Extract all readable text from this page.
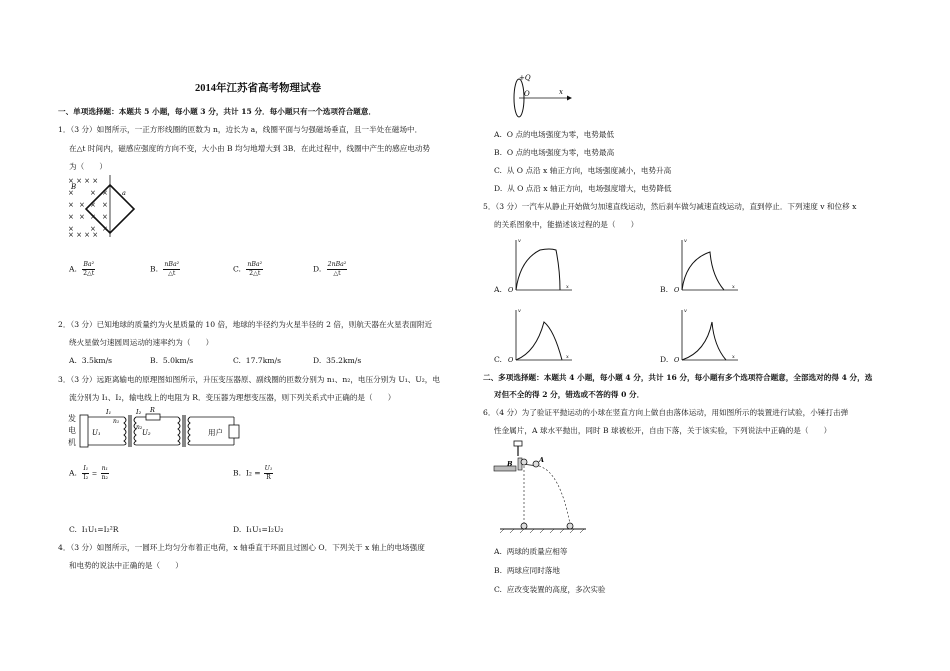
2014年江苏省高考物理试卷
一、单项选择题：本题共 5 小题，每小题 3 分，共计 15 分．每小题只有一个选项符合题意．
1．（3 分）如图所示，一正方形线圈的匝数为 n，边长为 a，线圈平面与匀强磁场垂直，且一半处在磁场中．
在△t 时间内，磁感应强度的方向不变，大小由 B 均匀地增大到 3B．在此过程中，线圈中产生的感应电动势
为（　　）
× × × ×
× × ×
× × × ×
× × × ×
× × ×
× × × ×
B
a
A. $\frac{\text{Ba²}}{2\triangle t}$	B. $\frac{\text{nBa²}}{\triangle t}$	C. $\frac{\text{nBa²}}{2\triangle t}$	D. $\frac{\text{2nBa²}}{\triangle t}$
2．（3 分）已知地球的质量约为火星质量的 10 倍，地球的半径约为火星半径的 2 倍，则航天器在火星表面附近
绕火星做匀速圆周运动的速率约为（　　）
A. 3.5km/s	B. 5.0km/s	C. 17.7km/s	D. 35.2km/s
3．（3 分）远距离输电的原理图如图所示，升压变压器原、副线圈的匝数分别为 n₁、n₂，电压分别为 U₁、U₂，电
流分别为 I₁、I₂，输电线上的电阻为 R．变压器为理想变压器，则下列关系式中正确的是（　　）
发
电
机
U₁
n₁
n₂
I₁	R
I₂
U₂	用户
A. $\frac{\text{I₁}}{\text{I₂}} = \frac{\text{n₁}}{\text{n₂}}$	B. $I_2 = \frac{\text{U₁}}{R}$
C. I₁U₁=I₂²R	D. I₁U₁=I₂U₂
4．（3 分）如图所示，一圆环上均匀分布着正电荷，x 轴垂直于环面且过圆心 O．下列关于 x 轴上的电场强度
和电势的说法中正确的是（　　）
+Q
O	x
A. O 点的电场强度为零，电势最低
B. O 点的电场强度为零，电势最高
C. 从 O 点沿 x 轴正方向，电场强度减小，电势升高
D. 从 O 点沿 x 轴正方向，电场强度增大，电势降低
5．（3 分）一汽车从静止开始做匀加速直线运动，然后刹车做匀减速直线运动，直到停止．下列速度 v 和位移 x
的关系图象中，能描述该过程的是（　　）
A.
v
x
O	B.
v
x
O
C.
v
x
O	D.
v
x
O
二、多项选择题：本题共 4 小题，每小题 4 分，共计 16 分，每小题有多个选项符合题意，全部选对的得 4 分，选
对但不全的得 2 分，错选或不答的得 0 分．
6．（4 分）为了验证平抛运动的小球在竖直方向上做自由落体运动，用如图所示的装置进行试验，小锤打击弹
性金属片，A 球水平抛出，同时 B 球被松开，自由下落，关于该实验，下列说法中正确的是（　　）
B	A
A. 两球的质量应相等
B. 两球应同时落地
C. 应改变装置的高度，多次实验
